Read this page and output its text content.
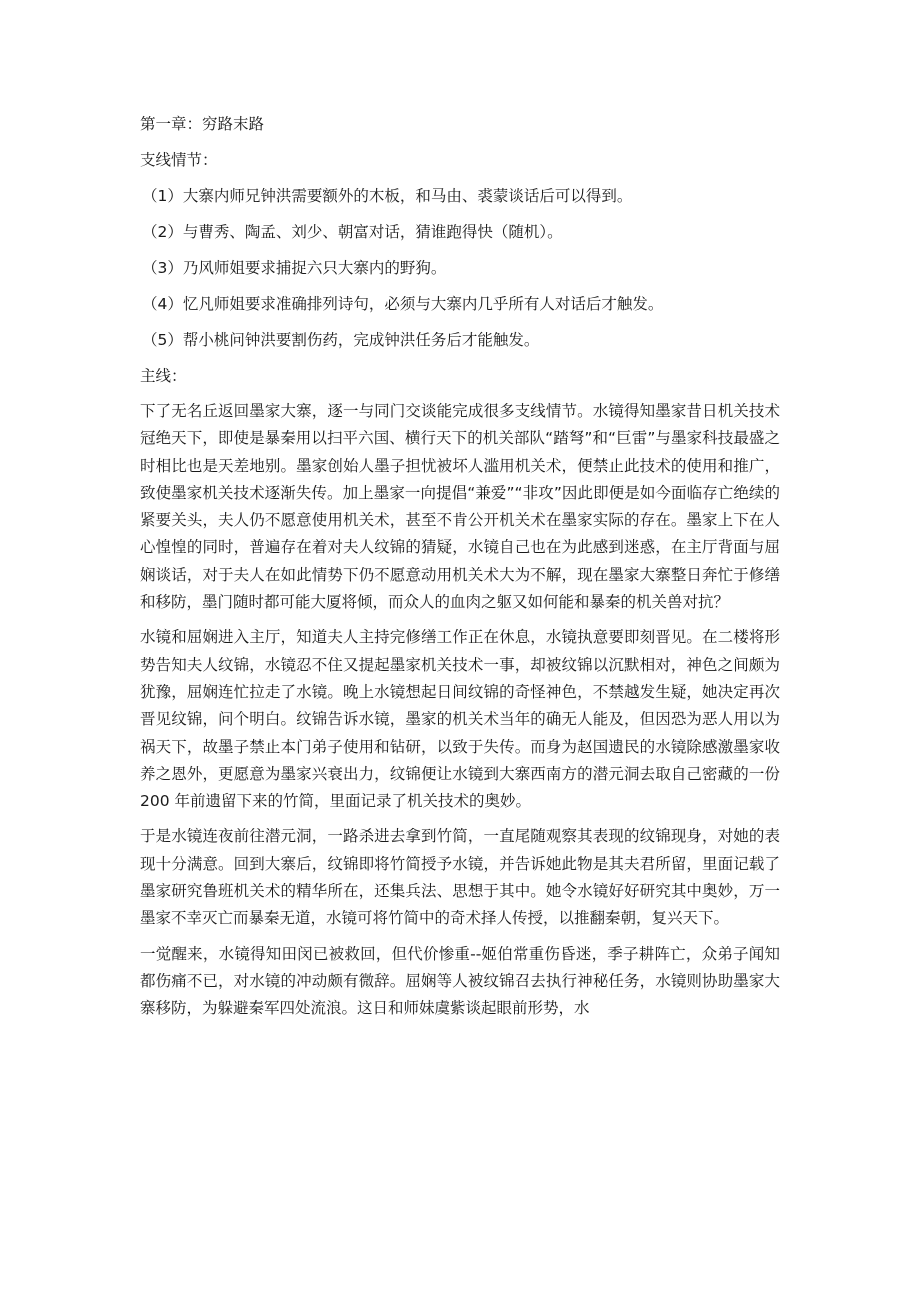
第一章：穷路末路

支线情节：

（1）大寨内师兄钟洪需要额外的木板，和马由、裘蒙谈话后可以得到。

（2）与曹秀、陶孟、刘少、朝富对话，猜谁跑得快（随机）。

（3）乃风师姐要求捕捉六只大寨内的野狗。

（4）忆凡师姐要求准确排列诗句，必须与大寨内几乎所有人对话后才触发。

（5）帮小桃问钟洪要割伤药，完成钟洪任务后才能触发。

主线：

下了无名丘返回墨家大寨，逐一与同门交谈能完成很多支线情节。水镜得知墨家昔日机关技术冠绝天下，即使是暴秦用以扫平六国、横行天下的机关部队“踏弩”和“巨雷”与墨家科技最盛之时相比也是天差地别。墨家创始人墨子担忧被坏人滥用机关术，便禁止此技术的使用和推广，致使墨家机关技术逐渐失传。加上墨家一向提倡“兼爱”“非攻”因此即便是如今面临存亡绝续的紧要关头，夫人仍不愿意使用机关术，甚至不肯公开机关术在墨家实际的存在。墨家上下在人心惶惶的同时，普遍存在着对夫人纹锦的猜疑，水镜自己也在为此感到迷惑，在主厅背面与屈娴谈话，对于夫人在如此情势下仍不愿意动用机关术大为不解，现在墨家大寨整日奔忙于修缮和移防，墨门随时都可能大厦将倾，而众人的血肉之躯又如何能和暴秦的机关兽对抗？

水镜和屈娴进入主厅，知道夫人主持完修缮工作正在休息，水镜执意要即刻晋见。在二楼将形势告知夫人纹锦，水镜忍不住又提起墨家机关技术一事，却被纹锦以沉默相对，神色之间颇为犹豫，屈娴连忙拉走了水镜。晚上水镜想起日间纹锦的奇怪神色，不禁越发生疑，她决定再次晋见纹锦，问个明白。纹锦告诉水镜，墨家的机关术当年的确无人能及，但因恐为恶人用以为祸天下，故墨子禁止本门弟子使用和钻研，以致于失传。而身为赵国遗民的水镜除感激墨家收养之恩外，更愿意为墨家兴衰出力，纹锦便让水镜到大寨西南方的潜元洞去取自己密藏的一份 200 年前遗留下来的竹简，里面记录了机关技术的奥妙。

于是水镜连夜前往潜元洞，一路杀进去拿到竹简，一直尾随观察其表现的纹锦现身，对她的表现十分满意。回到大寨后，纹锦即将竹简授予水镜，并告诉她此物是其夫君所留，里面记载了墨家研究鲁班机关术的精华所在，还集兵法、思想于其中。她令水镜好好研究其中奥妙，万一墨家不幸灭亡而暴秦无道，水镜可将竹简中的奇术择人传授，以推翻秦朝，复兴天下。

一觉醒来，水镜得知田闵已被救回，但代价惨重--姬伯常重伤昏迷，季子耕阵亡，众弟子闻知都伤痛不已，对水镜的冲动颇有微辞。屈娴等人被纹锦召去执行神秘任务，水镜则协助墨家大寨移防，为躲避秦军四处流浪。这日和师妹虞紫谈起眼前形势，水
